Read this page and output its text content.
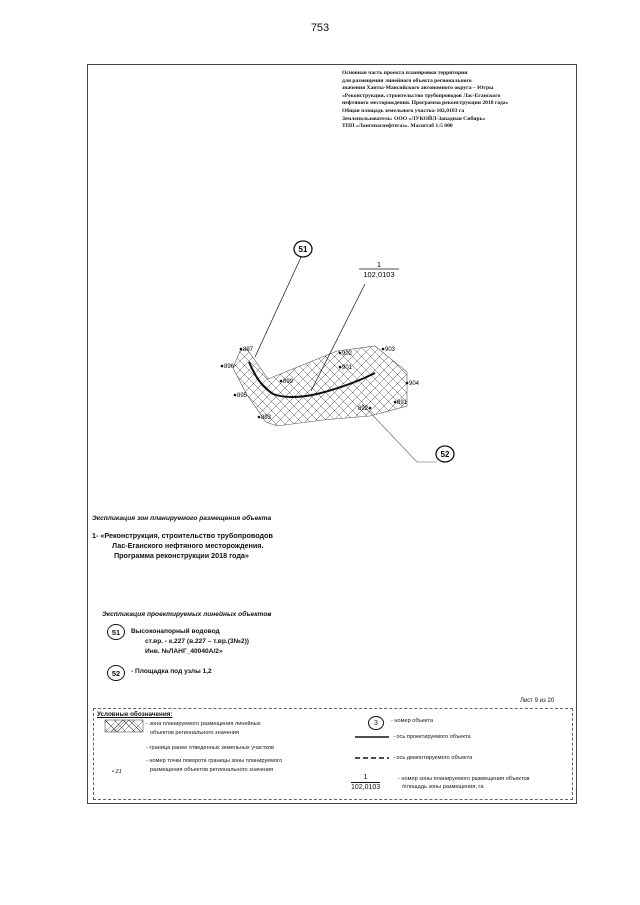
753
Основная часть проекта планировки территории
для размещения линейного объекта регионального
значения Ханты-Мансийского автономного округа – Югры
«Реконструкция, строительство трубопроводов Лас-Еганского
нефтяного месторождения. Программа реконструкции 2018 года»
Общая площадь земельного участка-102,0103 га
Землепользователь: ООО «ЛУКОЙЛ-Западная Сибирь»
ТПП «Лангепаснефтегаз». Масштаб 1:5 000
51
52
1
102,0103
897
896
895
893
899
902
903
901
904
892
891
Экспликация зон планируемого размещения объекта
1- «Реконструкция, строительство трубопроводов
Лас-Еганского нефтяного месторождения.
Программа реконструкции 2018 года»
Экспликация проектируемых линейных объектов
51	Высоконапорный водовод
ст.вр. - к.227 (в.227 – т.вр.(3№2))
Инв. №ЛАНГ_40040А/2»
52	- Площадка под узлы 1,2
Лист 9 из 20
Условные обозначения:
- зона планируемого размещения линейных
объектов регионального значения
- граница ранее отведенных земельных участков
- номер точки поворота границы зоны планируемого
размещения объектов регионального значения
• 21
3	- номер объекта
- ось проектируемого объекта
- ось демонтируемого объекта
1
102,0103
- номер зоны планируемого размещения объектов
/площадь зоны размещения, га
